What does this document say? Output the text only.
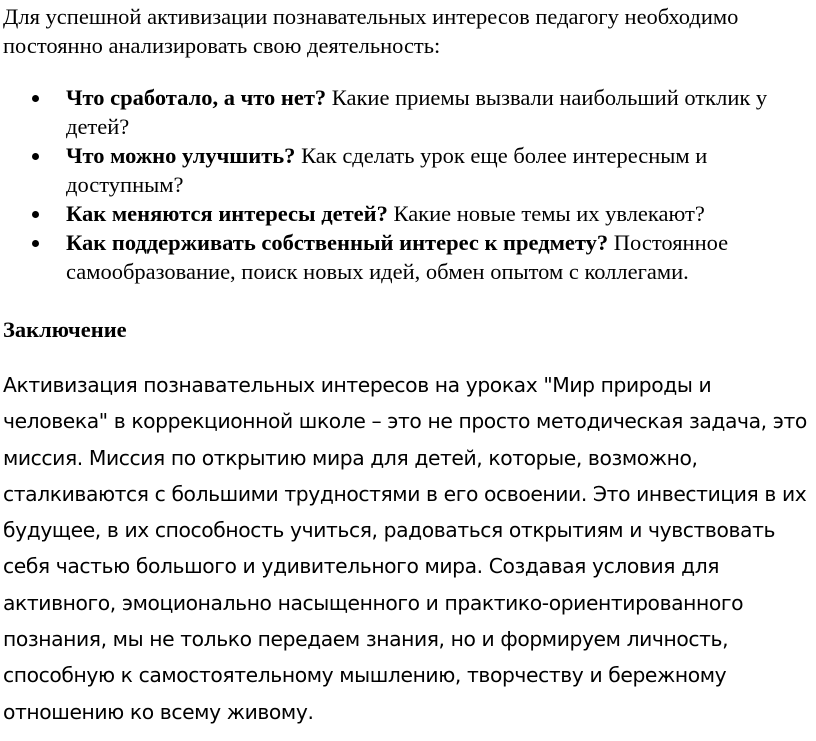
Для успешной активизации познавательных интересов педагогу необходимо постоянно анализировать свою деятельность:

Что сработало, а что нет? Какие приемы вызвали наибольший отклик у детей?
Что можно улучшить? Как сделать урок еще более интересным и доступным?
Как меняются интересы детей? Какие новые темы их увлекают?
Как поддерживать собственный интерес к предмету? Постоянное самообразование, поиск новых идей, обмен опытом с коллегами.
Заключение

Активизация познавательных интересов на уроках "Мир природы и человека" в коррекционной школе – это не просто методическая задача, это миссия. Миссия по открытию мира для детей, которые, возможно, сталкиваются с большими трудностями в его освоении. Это инвестиция в их будущее, в их способность учиться, радоваться открытиям и чувствовать себя частью большого и удивительного мира. Создавая условия для активного, эмоционально насыщенного и практико-ориентированного познания, мы не только передаем знания, но и формируем личность, способную к самостоятельному мышлению, творчеству и бережному отношению ко всему живому.
